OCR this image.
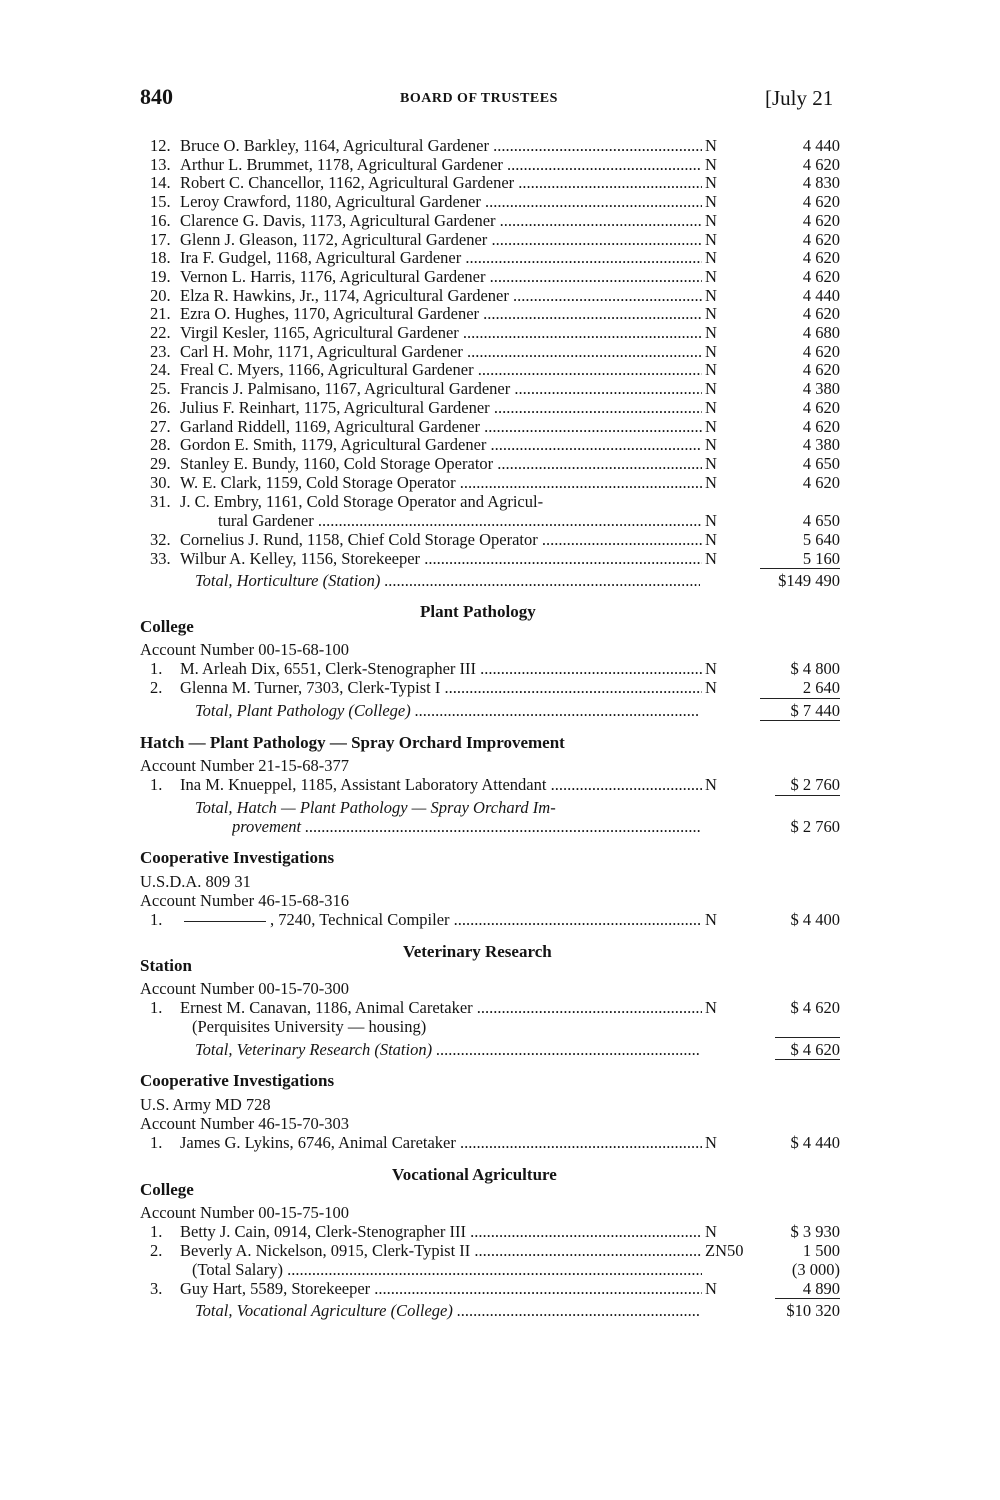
840	BOARD OF TRUSTEES	[July 21
12. Bruce O. Barkley, 1164, Agricultural Gardener .....	N	4 440
13. Arthur L. Brummet, 1178, Agricultural Gardener .....	N	4 620
14. Robert C. Chancellor, 1162, Agricultural Gardener .....	N	4 830
15. Leroy Crawford, 1180, Agricultural Gardener .....	N	4 620
16. Clarence G. Davis, 1173, Agricultural Gardener .....	N	4 620
17. Glenn J. Gleason, 1172, Agricultural Gardener .....	N	4 620
18. Ira F. Gudgel, 1168, Agricultural Gardener .....	N	4 620
19. Vernon L. Harris, 1176, Agricultural Gardener .....	N	4 620
20. Elza R. Hawkins, Jr., 1174, Agricultural Gardener .....	N	4 440
21. Ezra O. Hughes, 1170, Agricultural Gardener .....	N	4 620
22. Virgil Kesler, 1165, Agricultural Gardener .....	N	4 680
23. Carl H. Mohr, 1171, Agricultural Gardener .....	N	4 620
24. Freal C. Myers, 1166, Agricultural Gardener .....	N	4 620
25. Francis J. Palmisano, 1167, Agricultural Gardener .....	N	4 380
26. Julius F. Reinhart, 1175, Agricultural Gardener .....	N	4 620
27. Garland Riddell, 1169, Agricultural Gardener .....	N	4 620
28. Gordon E. Smith, 1179, Agricultural Gardener .....	N	4 380
29. Stanley E. Bundy, 1160, Cold Storage Operator .....	N	4 650
30. W. E. Clark, 1159, Cold Storage Operator .....	N	4 620
31. J. C. Embry, 1161, Cold Storage Operator and Agricul-
tural Gardener .....	N	4 650
32. Cornelius J. Rund, 1158, Chief Cold Storage Operator .....	N	5 640
33. Wilbur A. Kelley, 1156, Storekeeper .....	N	5 160
Total, Horticulture (Station) .....	$149 490
Plant Pathology
College
Account Number 00-15-68-100
1.	M. Arleah Dix, 6551, Clerk-Stenographer III .....	N	$ 4 800
2.	Glenna M. Turner, 7303, Clerk-Typist I .....	N	2 640
Total, Plant Pathology (College) .....	$ 7 440
Hatch — Plant Pathology — Spray Orchard Improvement
Account Number 21-15-68-377
1.	Ina M. Knueppel, 1185, Assistant Laboratory Attendant .....	N	$ 2 760
Total, Hatch — Plant Pathology — Spray Orchard Im-
provement .....	$ 2 760
Cooperative Investigations
U.S.D.A. 809 31
Account Number 46-15-68-316
1.	, 7240, Technical Compiler .....	N	$ 4 400
Veterinary Research
Station
Account Number 00-15-70-300
1.	Ernest M. Canavan, 1186, Animal Caretaker .....	N	$ 4 620
(Perquisites University — housing)
Total, Veterinary Research (Station) .....	$ 4 620
Cooperative Investigations
U.S. Army MD 728
Account Number 46-15-70-303
1.	James G. Lykins, 6746, Animal Caretaker .....	N	$ 4 440
Vocational Agriculture
College
Account Number 00-15-75-100
1.	Betty J. Cain, 0914, Clerk-Stenographer III .....	N	$ 3 930
2.	Beverly A. Nickelson, 0915, Clerk-Typist II .....	ZN50	1 500
(Total Salary) .....	(3 000)
3.	Guy Hart, 5589, Storekeeper .....	N	4 890
Total, Vocational Agriculture (College) .....	$10 320
